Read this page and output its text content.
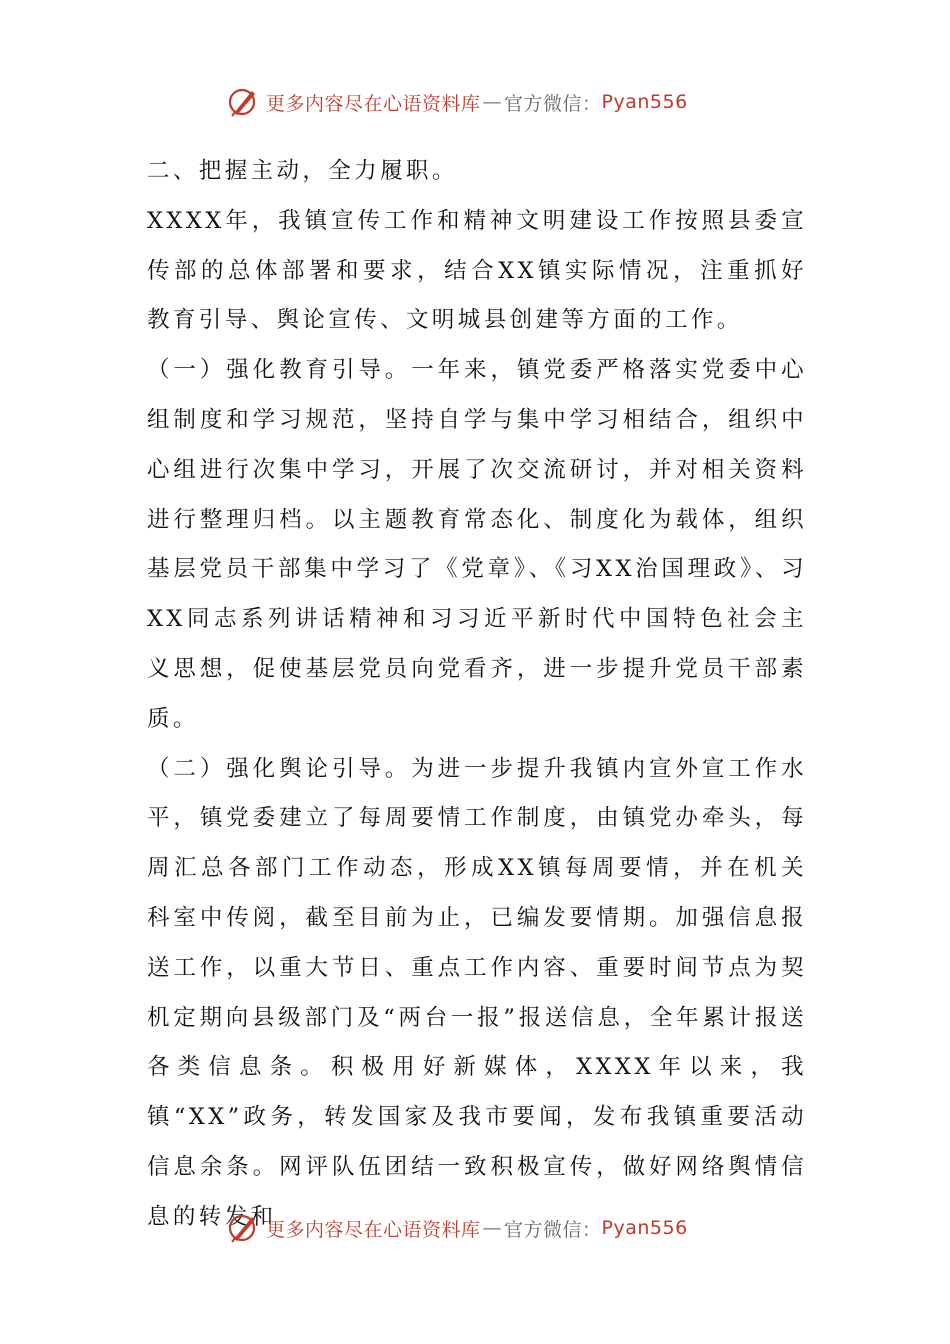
更多内容尽在心语资料库 — 官方微信： Pyan556

二、把握主动，全力履职。

XXXX年，我镇宣传工作和精神文明建设工作按照县委宣传部的总体部署和要求，结合XX镇实际情况，注重抓好教育引导、舆论宣传、文明城县创建等方面的工作。

（一）强化教育引导。一年来，镇党委严格落实党委中心组制度和学习规范，坚持自学与集中学习相结合，组织中心组进行次集中学习，开展了次交流研讨，并对相关资料进行整理归档。以主题教育常态化、制度化为载体，组织基层党员干部集中学习了《党章》、《习XX治国理政》、习XX同志系列讲话精神和习习近平新时代中国特色社会主义思想，促使基层党员向党看齐，进一步提升党员干部素质。

（二）强化舆论引导。为进一步提升我镇内宣外宣工作水平，镇党委建立了每周要情工作制度，由镇党办牵头，每周汇总各部门工作动态，形成XX镇每周要情，并在机关科室中传阅，截至目前为止，已编发要情期。加强信息报送工作，以重大节日、重点工作内容、重要时间节点为契机定期向县级部门及“两台一报”报送信息，全年累计报送各类信息条。积极用好新媒体，XXXX年以来，我镇“XX”政务，转发国家及我市要闻，发布我镇重要活动信息余条。网评队伍团结一致积极宣传，做好网络舆情信息的转发和

更多内容尽在心语资料库 — 官方微信： Pyan556
